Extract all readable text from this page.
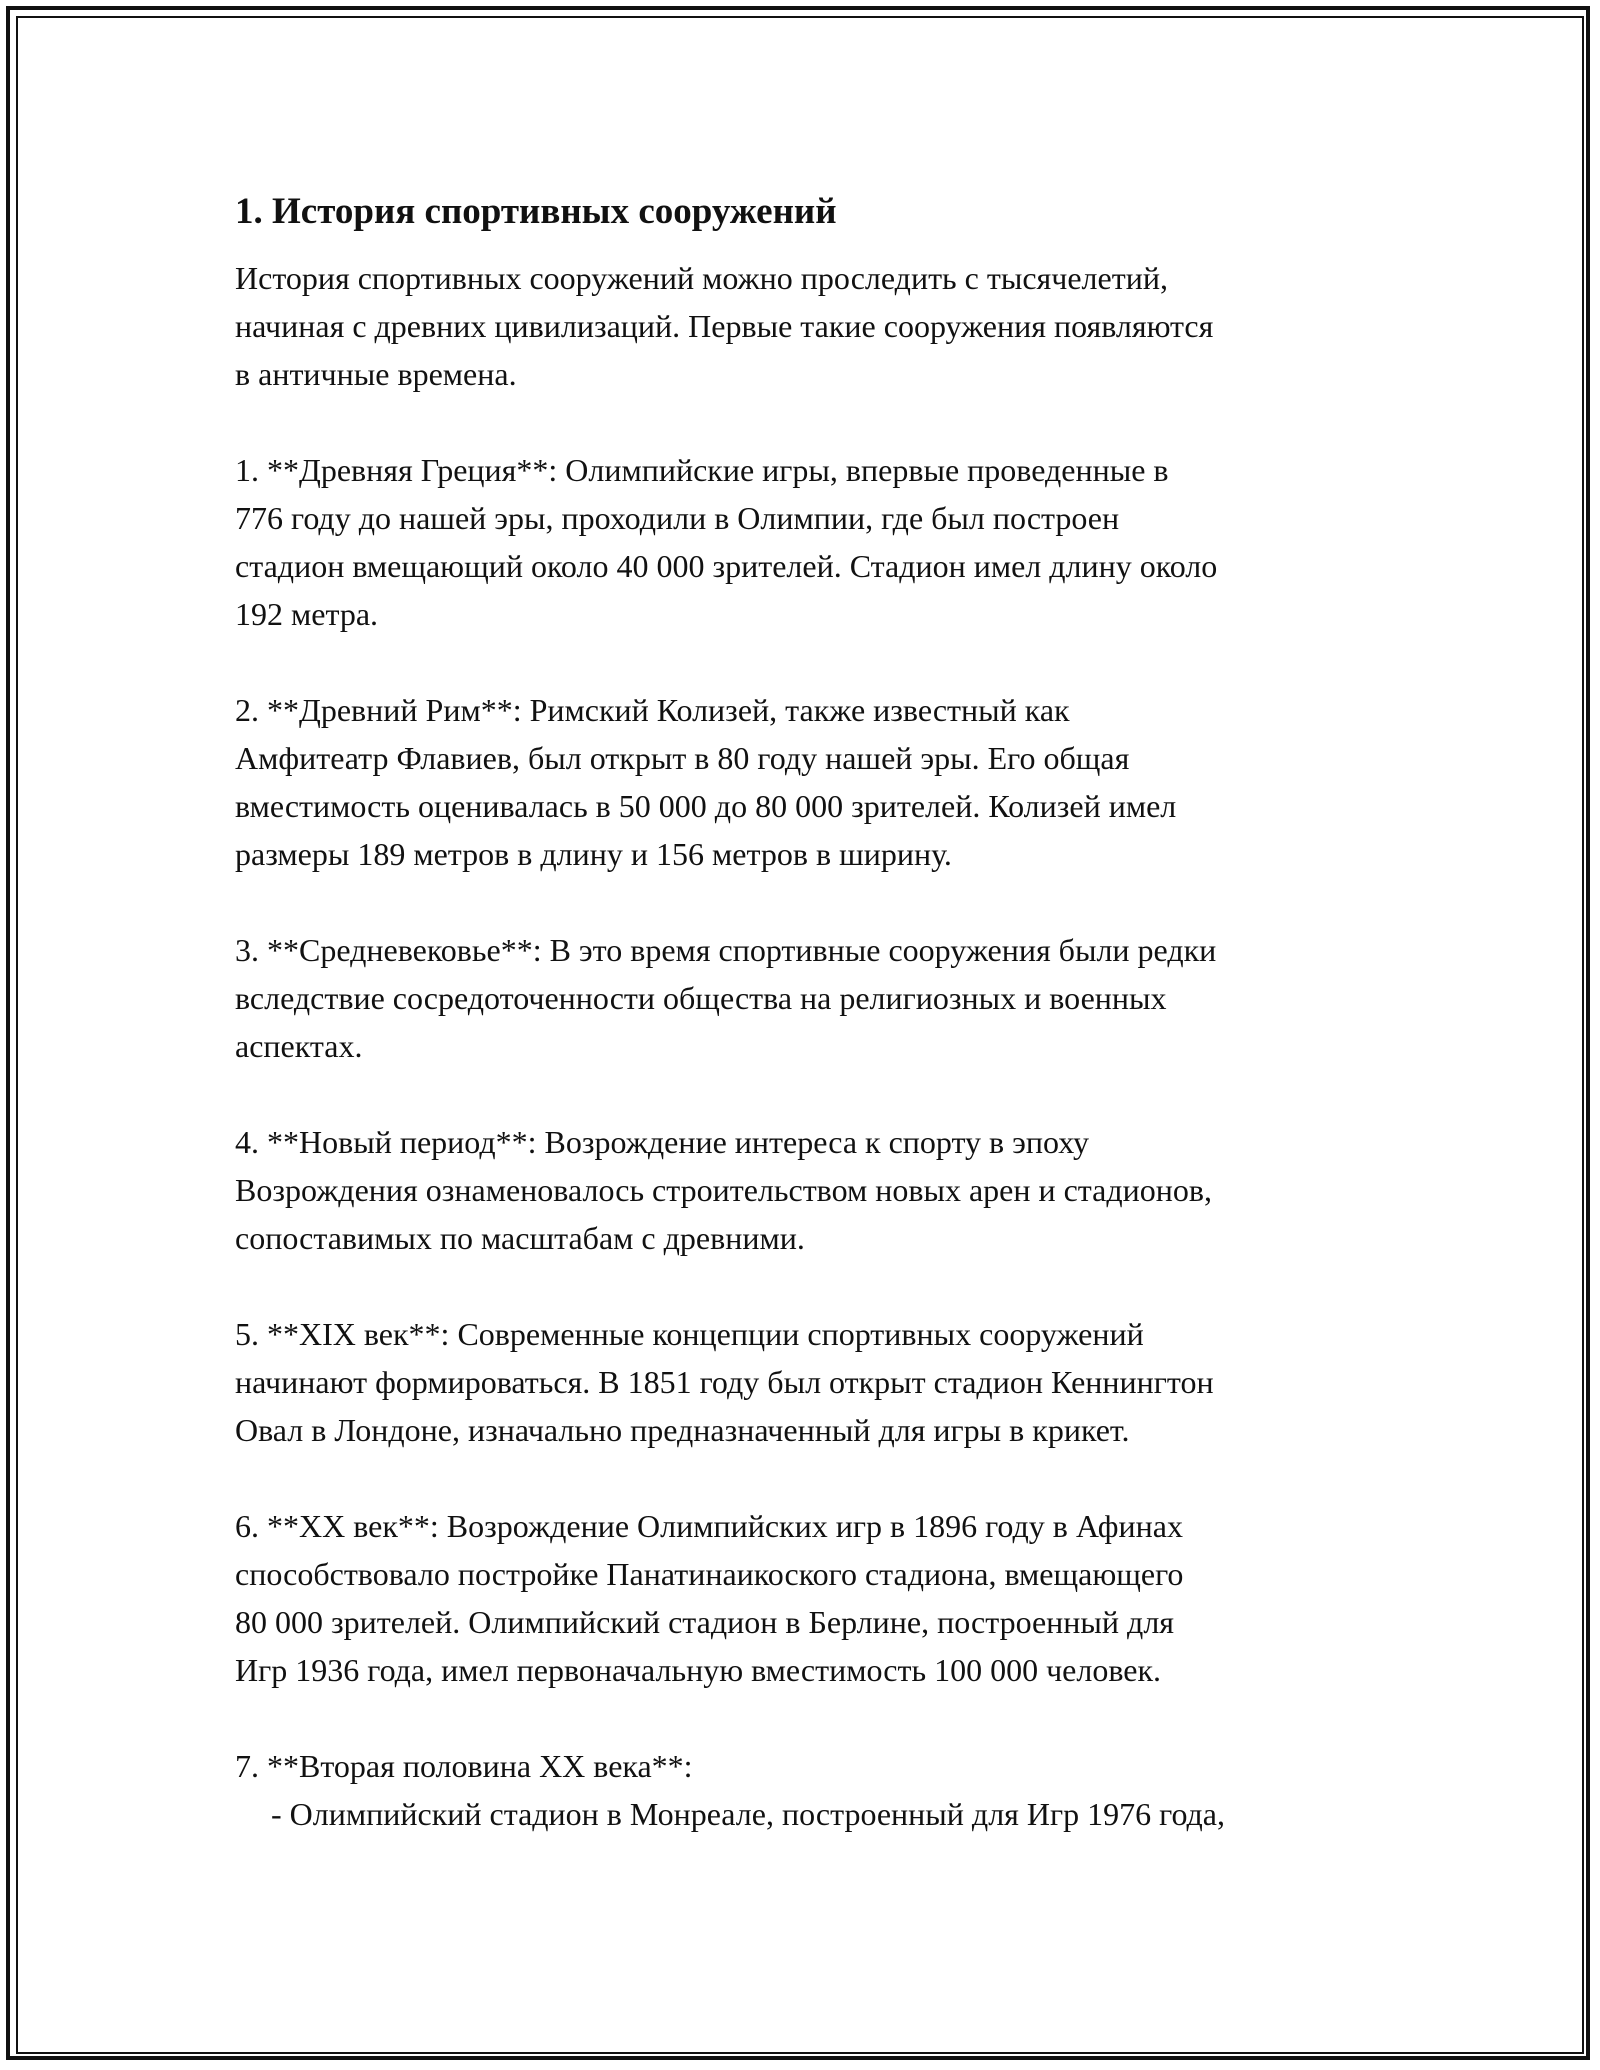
1. История спортивных сооружений
История спортивных сооружений можно проследить с тысячелетий,
начиная с древних цивилизаций. Первые такие сооружения появляются
в античные времена.
1. **Древняя Греция**: Олимпийские игры, впервые проведенные в
776 году до нашей эры, проходили в Олимпии, где был построен
стадион вмещающий около 40 000 зрителей. Стадион имел длину около
192 метра.
2. **Древний Рим**: Римский Колизей, также известный как
Амфитеатр Флавиев, был открыт в 80 году нашей эры. Его общая
вместимость оценивалась в 50 000 до 80 000 зрителей. Колизей имел
размеры 189 метров в длину и 156 метров в ширину.
3. **Средневековье**: В это время спортивные сооружения были редки
вследствие сосредоточенности общества на религиозных и военных
аспектах.
4. **Новый период**: Возрождение интереса к спорту в эпоху
Возрождения ознаменовалось строительством новых арен и стадионов,
сопоставимых по масштабам с древними.
5. **XIX век**: Современные концепции спортивных сооружений
начинают формироваться. В 1851 году был открыт стадион Кеннингтон
Овал в Лондоне, изначально предназначенный для игры в крикет.
6. **XX век**: Возрождение Олимпийских игр в 1896 году в Афинах
способствовало постройке Панатинаикоского стадиона, вмещающего
80 000 зрителей. Олимпийский стадион в Берлине, построенный для
Игр 1936 года, имел первоначальную вместимость 100 000 человек.
7. **Вторая половина XX века**:
- Олимпийский стадион в Монреале, построенный для Игр 1976 года,
